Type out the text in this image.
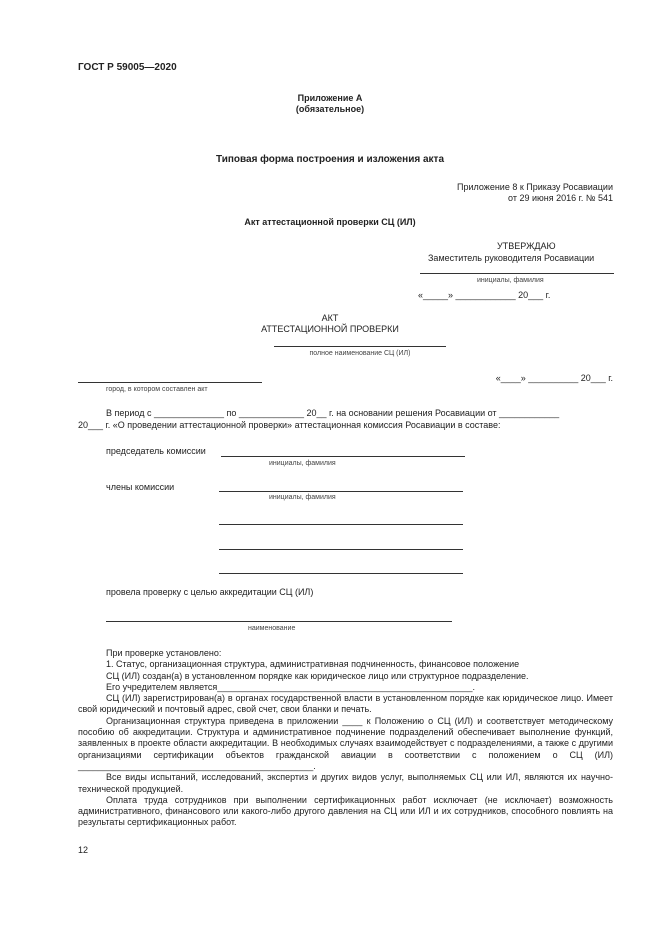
ГОСТ Р 59005—2020
Приложение А
(обязательное)
Типовая форма построения и изложения акта
Приложение 8 к Приказу Росавиации
от 29 июня 2016 г. № 541
Акт аттестационной проверки СЦ (ИЛ)
УТВЕРЖДАЮ
Заместитель руководителя Росавиации
инициалы, фамилия
«_____» ____________ 20___ г.
АКТ
АТТЕСТАЦИОННОЙ ПРОВЕРКИ
полное наименование СЦ (ИЛ)
город, в котором составлен акт
«____» __________ 20___ г.
В период с ______________ по _____________ 20__ г. на основании решения Росавиации от ____________
20___ г. «О проведении аттестационной проверки» аттестационная комиссия Росавиации в составе:
председатель комиссии
инициалы, фамилия
члены комиссии
инициалы, фамилия
провела проверку с целью аккредитации СЦ (ИЛ)
наименование

При проверке установлено:

1. Статус, организационная структура, административная подчиненность, финансовое положение

СЦ (ИЛ) создан(а) в установленном порядке как юридическое лицо или структурное подразделение.

Его учредителем является___________________________________________________.

СЦ (ИЛ) зарегистрирован(а) в органах государственной власти в установленном порядке как юридическое лицо. Имеет свой юридический и почтовый адрес, свой счет, свои бланки и печать.

Организационная структура приведена в приложении ____ к Положению о СЦ (ИЛ) и соответствует методическому пособию об аккредитации. Структура и административное подчинение подразделений обеспечивает выполнение функций, заявленных в проекте области аккредитации. В необходимых случаях взаимодействует с подразделениями, а также с другими организациями сертификации объектов гражданской авиации в соответствии с положением о СЦ (ИЛ) _______________________________________________.

Все виды испытаний, исследований, экспертиз и других видов услуг, выполняемых СЦ или ИЛ, являются их научно-технической продукцией.

Оплата труда сотрудников при выполнении сертификационных работ исключает (не исключает) возможность административного, финансового или какого-либо другого давления на СЦ или ИЛ и их сотрудников, способного повлиять на результаты сертификационных работ.

12
